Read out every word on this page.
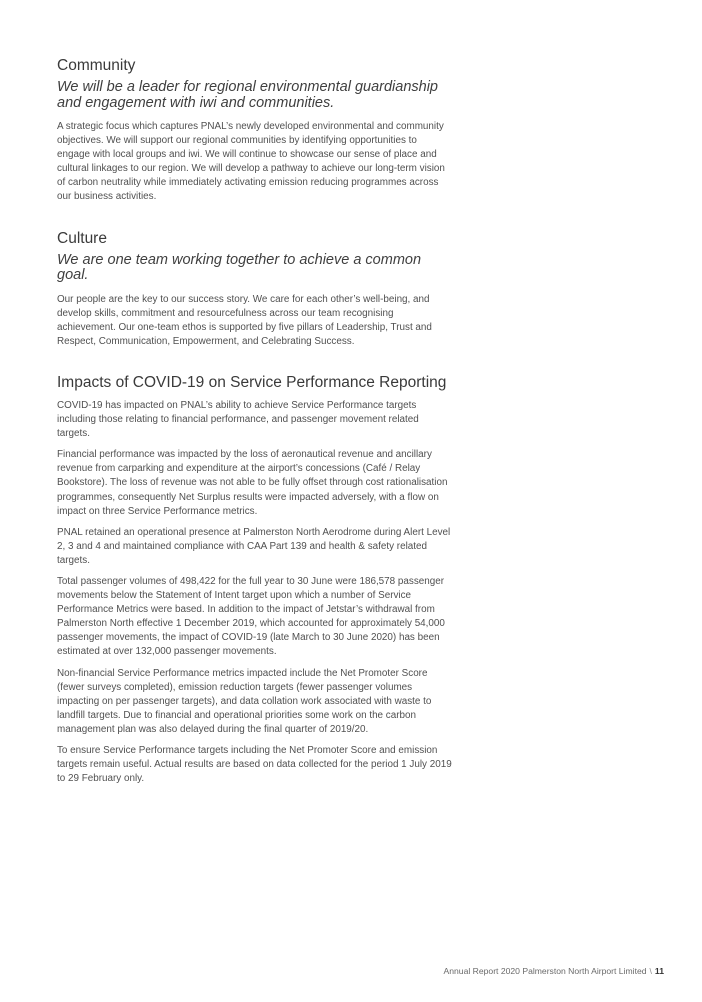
Community

We will be a leader for regional environmental guardianship and engagement with iwi and communities.

A strategic focus which captures PNAL’s newly developed environmental and community objectives. We will support our regional communities by identifying opportunities to engage with local groups and iwi. We will continue to showcase our sense of place and cultural linkages to our region. We will develop a pathway to achieve our long-term vision of carbon neutrality while immediately activating emission reducing programmes across our business activities.

Culture

We are one team working together to achieve a common goal.

Our people are the key to our success story. We care for each other’s well-being, and develop skills, commitment and resourcefulness across our team recognising achievement. Our one-team ethos is supported by five pillars of Leadership, Trust and Respect, Communication, Empowerment, and Celebrating Success.

Impacts of COVID-19 on Service Performance Reporting

COVID-19 has impacted on PNAL’s ability to achieve Service Performance targets including those relating to financial performance, and passenger movement related targets.

Financial performance was impacted by the loss of aeronautical revenue and ancillary revenue from carparking and expenditure at the airport’s concessions (Café / Relay Bookstore). The loss of revenue was not able to be fully offset through cost rationalisation programmes, consequently Net Surplus results were impacted adversely, with a flow on impact on three Service Performance metrics.

PNAL retained an operational presence at Palmerston North Aerodrome during Alert Level 2, 3 and 4 and maintained compliance with CAA Part 139 and health & safety related targets.

Total passenger volumes of 498,422 for the full year to 30 June were 186,578 passenger movements below the Statement of Intent target upon which a number of Service Performance Metrics were based. In addition to the impact of Jetstar’s withdrawal from Palmerston North effective 1 December 2019, which accounted for approximately 54,000 passenger movements, the impact of COVID-19 (late March to 30 June 2020) has been estimated at over 132,000 passenger movements.

Non-financial Service Performance metrics impacted include the Net Promoter Score (fewer surveys completed), emission reduction targets (fewer passenger volumes impacting on per passenger targets), and data collation work associated with waste to landfill targets. Due to financial and operational priorities some work on the carbon management plan was also delayed during the final quarter of 2019/20.

To ensure Service Performance targets including the Net Promoter Score and emission targets remain useful. Actual results are based on data collected for the period 1 July 2019 to 29 February only.

Annual Report 2020 Palmerston North Airport Limited \ 11
